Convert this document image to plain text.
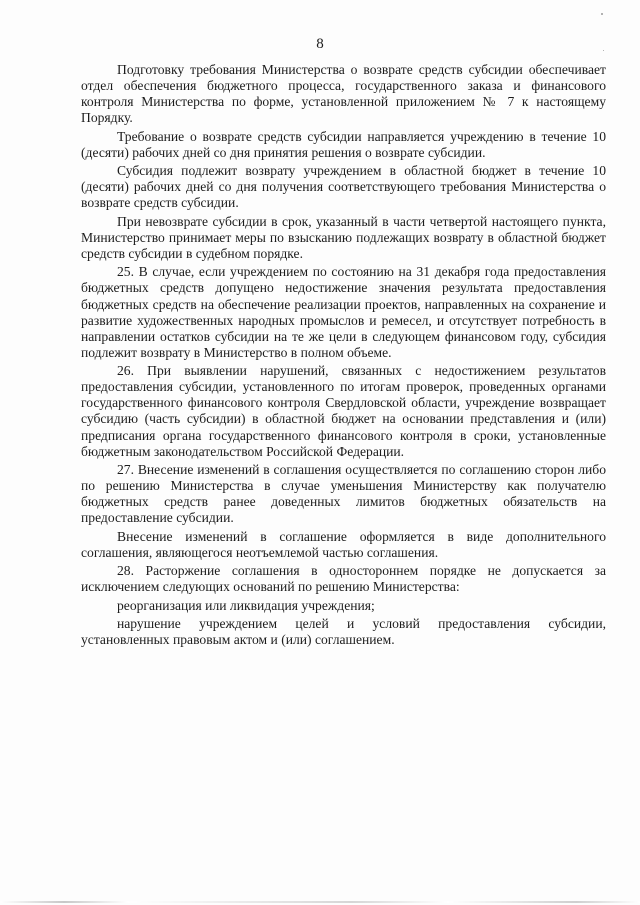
8

Подготовку требования Министерства о возврате средств субсидии обеспечивает отдел обеспечения бюджетного процесса, государственного заказа и финансового контроля Министерства по форме, установленной приложением № 7 к настоящему Порядку.

Требование о возврате средств субсидии направляется учреждению в течение 10 (десяти) рабочих дней со дня принятия решения о возврате субсидии.

Субсидия подлежит возврату учреждением в областной бюджет в течение 10 (десяти) рабочих дней со дня получения соответствующего требования Министерства о возврате средств субсидии.

При невозврате субсидии в срок, указанный в части четвертой настоящего пункта, Министерство принимает меры по взысканию подлежащих возврату в областной бюджет средств субсидии в судебном порядке.

25. В случае, если учреждением по состоянию на 31 декабря года предоставления бюджетных средств допущено недостижение значения результата предоставления бюджетных средств на обеспечение реализации проектов, направленных на сохранение и развитие художественных народных промыслов и ремесел, и отсутствует потребность в направлении остатков субсидии на те же цели в следующем финансовом году, субсидия подлежит возврату в Министерство в полном объеме.

26. При выявлении нарушений, связанных с недостижением результатов предоставления субсидии, установленного по итогам проверок, проведенных органами государственного финансового контроля Свердловской области, учреждение возвращает субсидию (часть субсидии) в областной бюджет на основании представления и (или) предписания органа государственного финансового контроля в сроки, установленные бюджетным законодательством Российской Федерации.

27. Внесение изменений в соглашения осуществляется по соглашению сторон либо по решению Министерства в случае уменьшения Министерству как получателю бюджетных средств ранее доведенных лимитов бюджетных обязательств на предоставление субсидии.

Внесение изменений в соглашение оформляется в виде дополнительного соглашения, являющегося неотъемлемой частью соглашения.

28. Расторжение соглашения в одностороннем порядке не допускается за исключением следующих оснований по решению Министерства:

реорганизация или ликвидация учреждения;

нарушение учреждением целей и условий предоставления субсидии, установленных правовым актом и (или) соглашением.
